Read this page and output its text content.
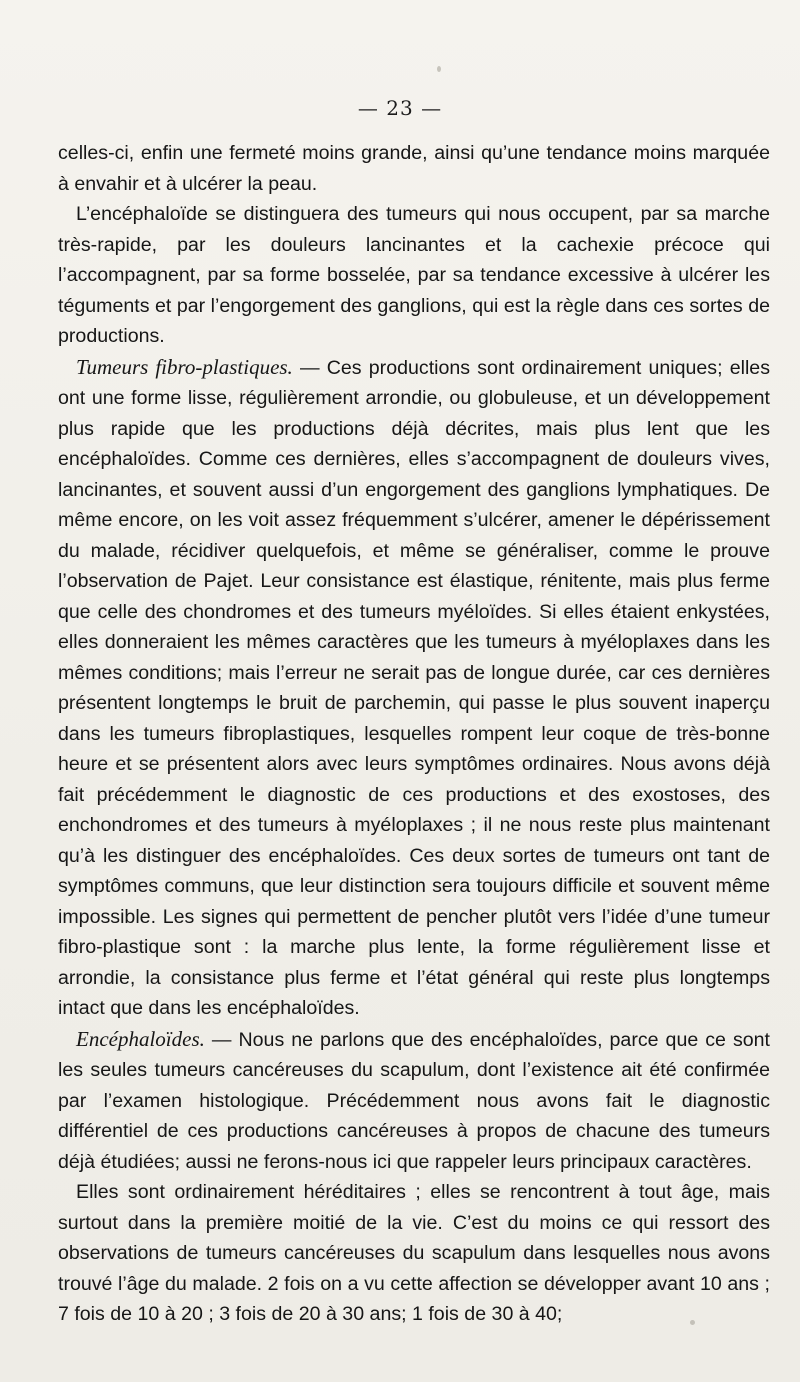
— 23 —

celles-ci, enfin une fermeté moins grande, ainsi qu’une tendance moins marquée à envahir et à ulcérer la peau.

L’encéphaloïde se distinguera des tumeurs qui nous occupent, par sa marche très-rapide, par les douleurs lancinantes et la cachexie précoce qui l’accompagnent, par sa forme bosselée, par sa tendance excessive à ulcérer les téguments et par l’engorgement des ganglions, qui est la règle dans ces sortes de productions.

Tumeurs fibro-plastiques. — Ces productions sont ordinairement uniques; elles ont une forme lisse, régulièrement arrondie, ou globuleuse, et un développement plus rapide que les productions déjà décrites, mais plus lent que les encéphaloïdes. Comme ces dernières, elles s’accompagnent de douleurs vives, lancinantes, et souvent aussi d’un engorgement des ganglions lymphatiques. De même encore, on les voit assez fréquemment s’ulcérer, amener le dépérissement du malade, récidiver quelquefois, et même se généraliser, comme le prouve l’observation de Pajet. Leur consistance est élastique, rénitente, mais plus ferme que celle des chondromes et des tumeurs myéloïdes. Si elles étaient enkystées, elles donneraient les mêmes caractères que les tumeurs à myéloplaxes dans les mêmes conditions; mais l’erreur ne serait pas de longue durée, car ces dernières présentent longtemps le bruit de parchemin, qui passe le plus souvent inaperçu dans les tumeurs fibroplastiques, lesquelles rompent leur coque de très-bonne heure et se présentent alors avec leurs symptômes ordinaires. Nous avons déjà fait précédemment le diagnostic de ces productions et des exostoses, des enchondromes et des tumeurs à myéloplaxes ; il ne nous reste plus maintenant qu’à les distinguer des encéphaloïdes. Ces deux sortes de tumeurs ont tant de symptômes communs, que leur distinction sera toujours difficile et souvent même impossible. Les signes qui permettent de pencher plutôt vers l’idée d’une tumeur fibro-plastique sont : la marche plus lente, la forme régulièrement lisse et arrondie, la consistance plus ferme et l’état général qui reste plus longtemps intact que dans les encéphaloïdes.

Encéphaloïdes. — Nous ne parlons que des encéphaloïdes, parce que ce sont les seules tumeurs cancéreuses du scapulum, dont l’existence ait été confirmée par l’examen histologique. Précédemment nous avons fait le diagnostic différentiel de ces productions cancéreuses à propos de chacune des tumeurs déjà étudiées; aussi ne ferons-nous ici que rappeler leurs principaux caractères.

Elles sont ordinairement héréditaires ; elles se rencontrent à tout âge, mais surtout dans la première moitié de la vie. C’est du moins ce qui ressort des observations de tumeurs cancéreuses du scapulum dans lesquelles nous avons trouvé l’âge du malade. 2 fois on a vu cette affection se développer avant 10 ans ; 7 fois de 10 à 20 ; 3 fois de 20 à 30 ans; 1 fois de 30 à 40;
